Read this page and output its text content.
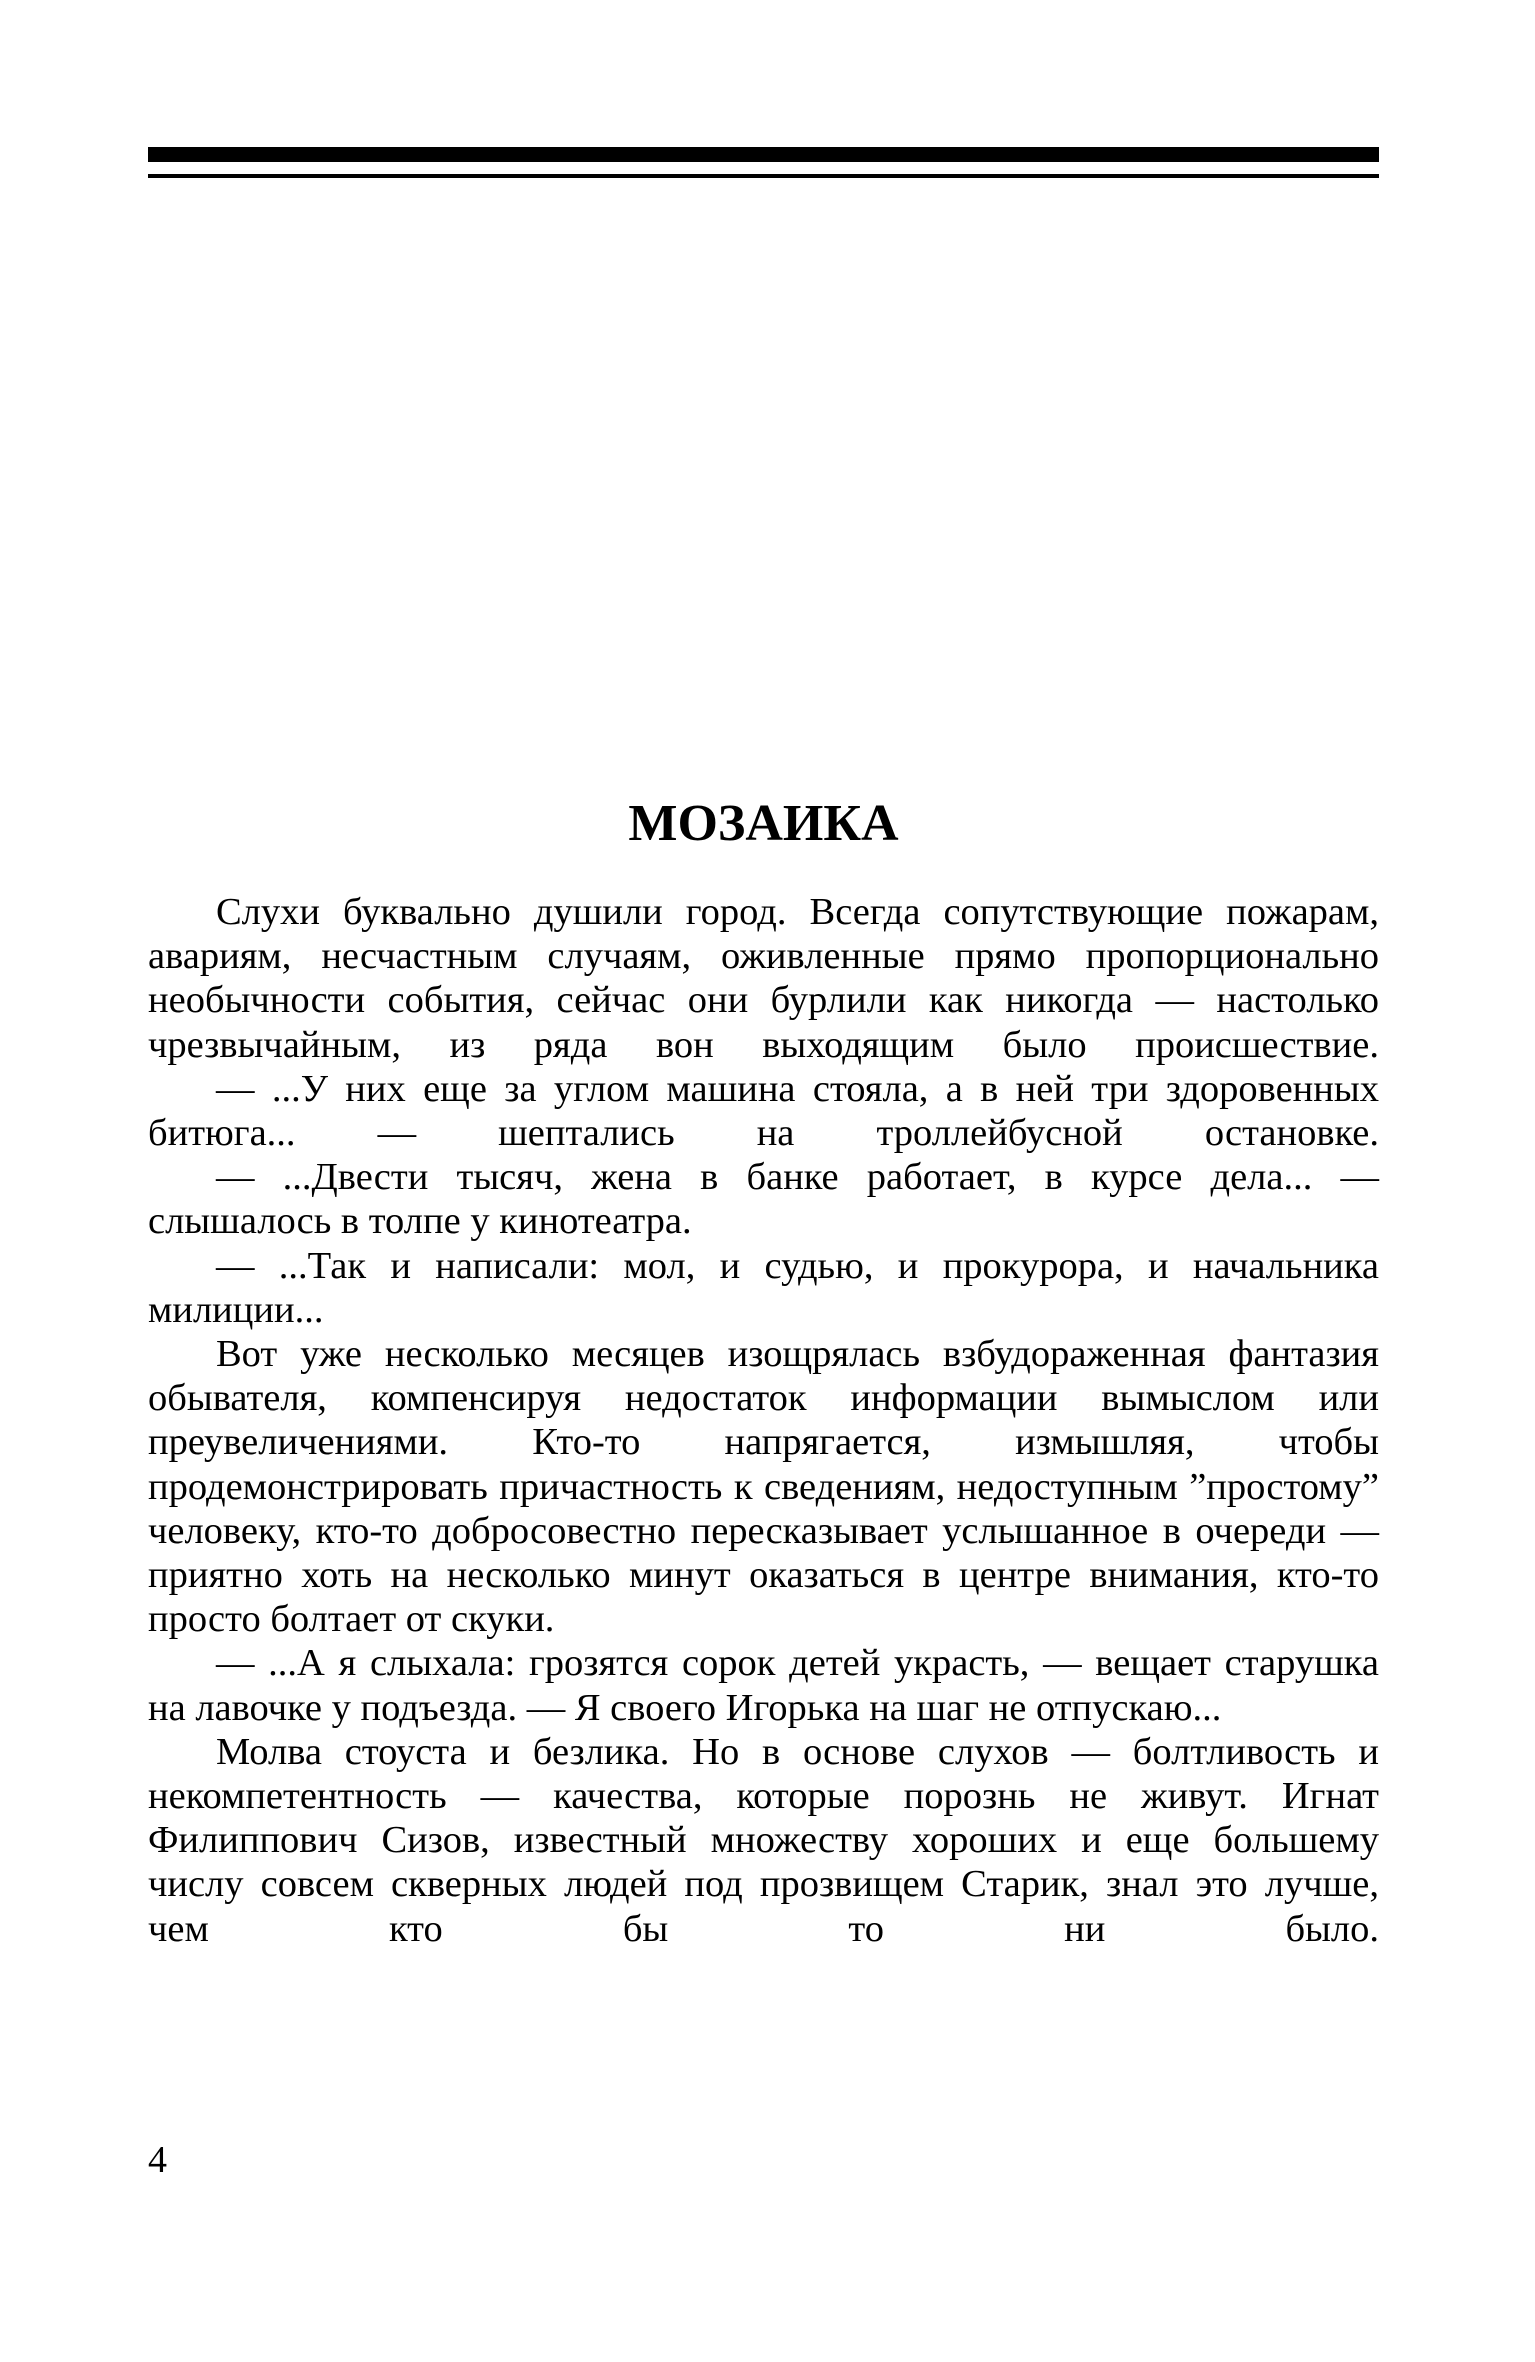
МОЗАИКА

Слухи буквально душили город. Всегда сопутствующие пожарам, авариям, несчастным случаям, оживленные прямо пропорционально необычности события, сейчас они бурлили как никогда — настолько чрезвычайным, из ряда вон выходящим было происшествие.

— ...У них еще за углом машина стояла, а в ней три здоровенных битюга... — шептались на троллейбусной остановке.

— ...Двести тысяч, жена в банке работает, в курсе дела... — слышалось в толпе у кинотеатра.

— ...Так и написали: мол, и судью, и прокурора, и начальника милиции...

Вот уже несколько месяцев изощрялась взбудораженная фантазия обывателя, компенсируя недостаток информации вымыслом или преувеличениями. Кто-то напрягается, измышляя, чтобы продемонстрировать причастность к сведениям, недоступным ”простому” человеку, кто-то добросовестно пересказывает услышанное в очереди — приятно хоть на несколько минут оказаться в центре внимания, кто-то просто болтает от скуки.

— ...А я слыхала: грозятся сорок детей украсть, — вещает старушка на лавочке у подъезда. — Я своего Игорька на шаг не отпускаю...

Молва стоуста и безлика. Но в основе слухов — болтливость и некомпетентность — качества, которые порознь не живут. Игнат Филиппович Сизов, известный множеству хороших и еще большему числу совсем скверных людей под прозвищем Старик, знал это лучше, чем кто бы то ни было.

4
